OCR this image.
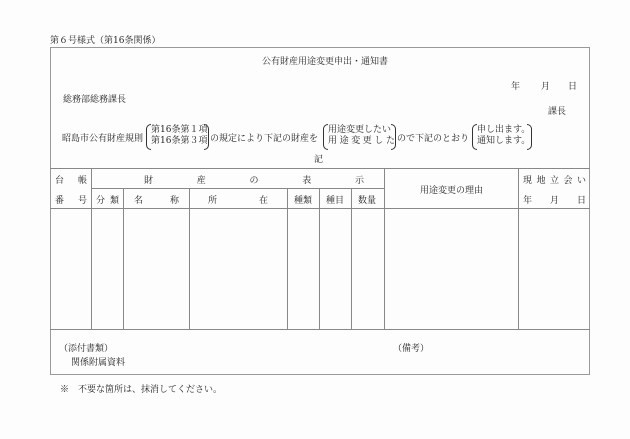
第６号様式（第16条関係）
公有財産用途変更申出・通知書
年 月 日
総務部総務課長
課長
昭島市公有財産規則
第16条第１項
第16条第３項 の規定により下記の財産を
用途変更したい
用途変更した ので下記のとおり
申し出ます。
通知します。
記
台 帳
番 号
財	産	の	表	示
分 類 名	称	所	在	種類 種目 数量
用途変更の理由
現 地 立 会 い
年 月 日
（添付書類）
関係附属資料
（備考）
※　不要な箇所は、抹消してください。
